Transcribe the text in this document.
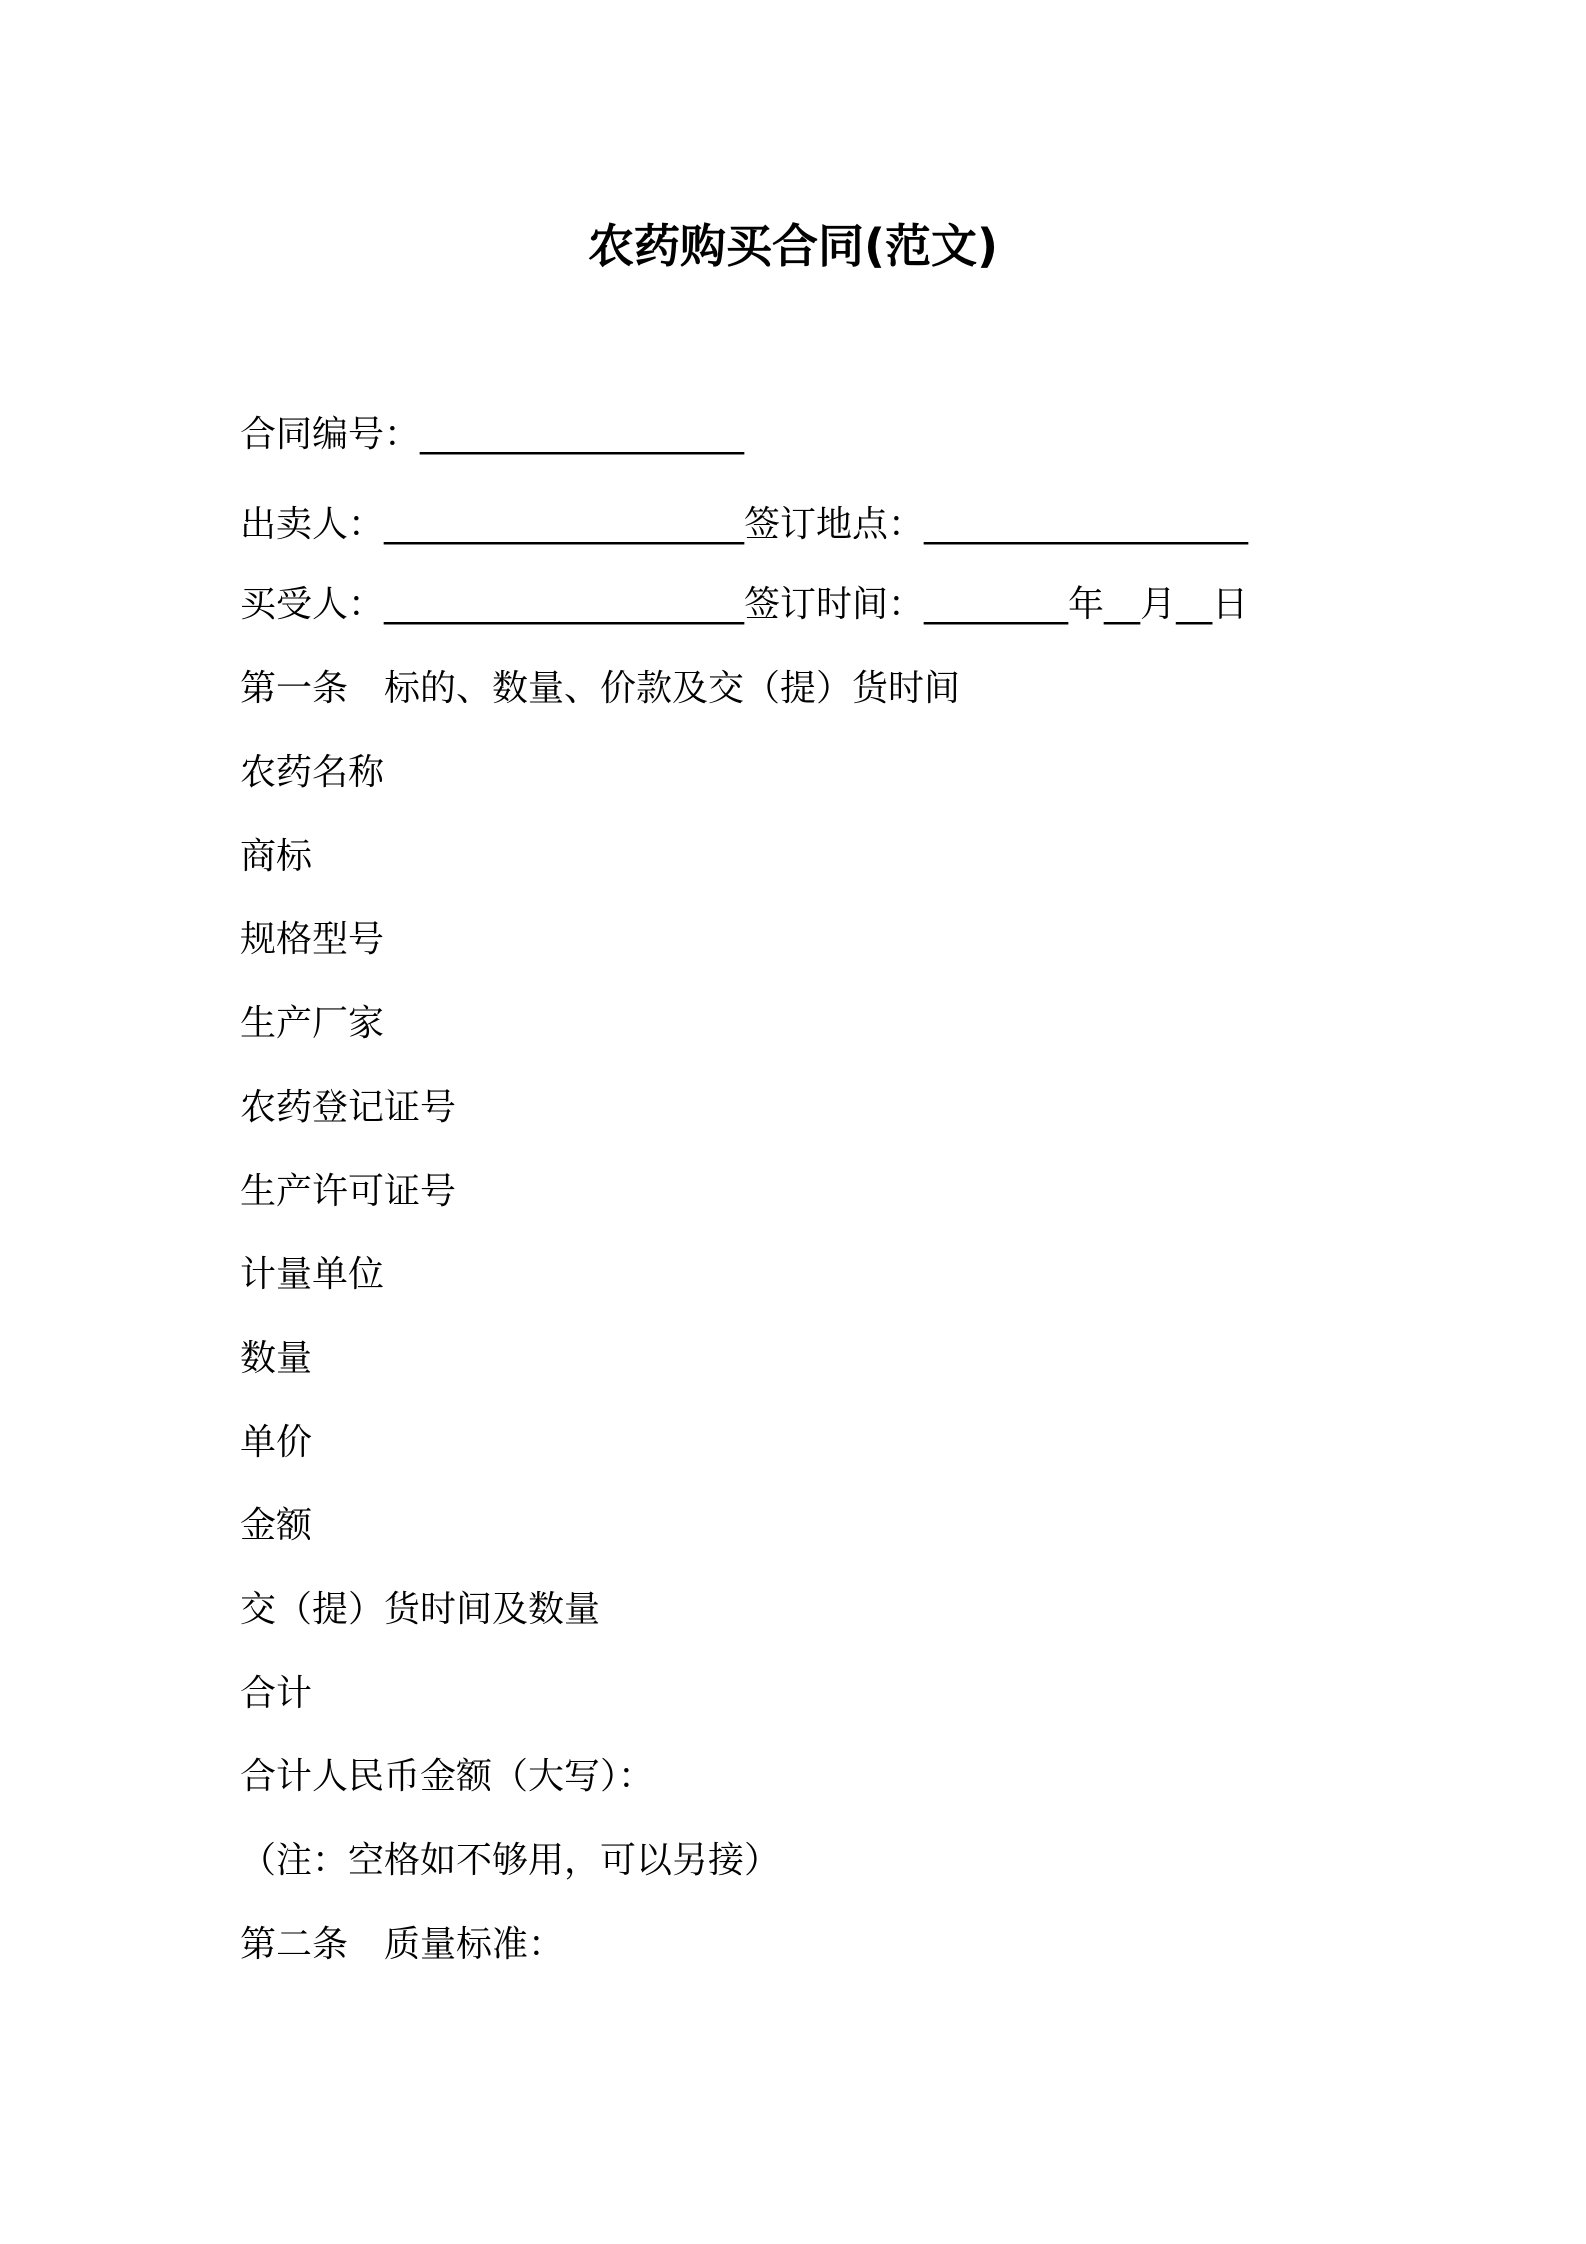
农药购买合同(范文)
合同编号：__________________
出卖人：____________________签订地点：__________________
买受人：____________________签订时间：________年__月__日
第一条 标的、数量、价款及交（提）货时间
农药名称
商标
规格型号
生产厂家
农药登记证号
生产许可证号
计量单位
数量
单价
金额
交（提）货时间及数量
合计
合计人民币金额（大写）：
（注：空格如不够用，可以另接）
第二条 质量标准：
